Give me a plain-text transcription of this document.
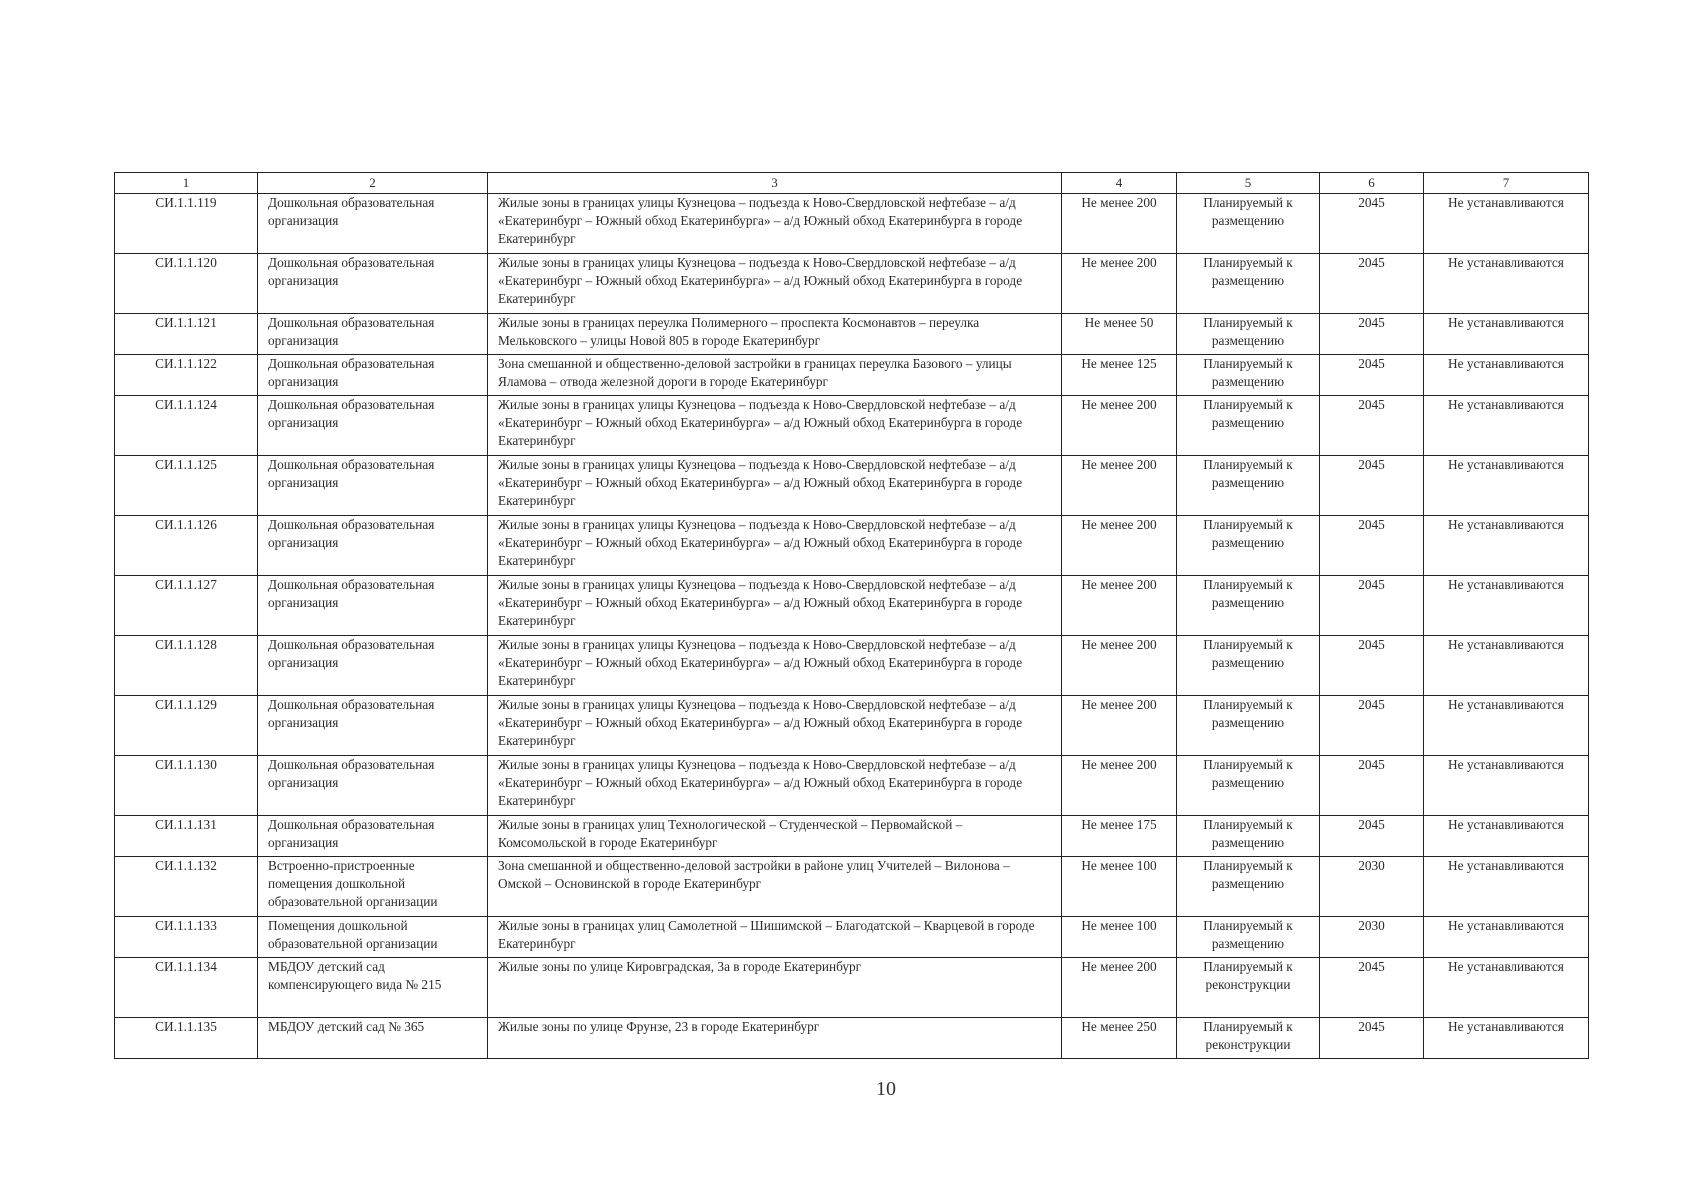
1	2	3	4	5	6	7
СИ.1.1.119	Дошкольная образовательная организация	Жилые зоны в границах улицы Кузнецова – подъезда к Ново-Свердловской нефтебазе – а/д «Екатеринбург – Южный обход Екатеринбурга» – а/д Южный обход Екатеринбурга в городе Екатеринбург	Не менее 200	Планируемый к размещению	2045	Не устанавливаются
СИ.1.1.120	Дошкольная образовательная организация	Жилые зоны в границах улицы Кузнецова – подъезда к Ново-Свердловской нефтебазе – а/д «Екатеринбург – Южный обход Екатеринбурга» – а/д Южный обход Екатеринбурга в городе Екатеринбург	Не менее 200	Планируемый к размещению	2045	Не устанавливаются
СИ.1.1.121	Дошкольная образовательная организация	Жилые зоны в границах переулка Полимерного – проспекта Космонавтов – переулка Мельковского – улицы Новой 805 в городе Екатеринбург	Не менее 50	Планируемый к размещению	2045	Не устанавливаются
СИ.1.1.122	Дошкольная образовательная организация	Зона смешанной и общественно-деловой застройки в границах переулка Базового – улицы Яламова – отвода железной дороги в городе Екатеринбург	Не менее 125	Планируемый к размещению	2045	Не устанавливаются
СИ.1.1.124	Дошкольная образовательная организация	Жилые зоны в границах улицы Кузнецова – подъезда к Ново-Свердловской нефтебазе – а/д «Екатеринбург – Южный обход Екатеринбурга» – а/д Южный обход Екатеринбурга в городе Екатеринбург	Не менее 200	Планируемый к размещению	2045	Не устанавливаются
СИ.1.1.125	Дошкольная образовательная организация	Жилые зоны в границах улицы Кузнецова – подъезда к Ново-Свердловской нефтебазе – а/д «Екатеринбург – Южный обход Екатеринбурга» – а/д Южный обход Екатеринбурга в городе Екатеринбург	Не менее 200	Планируемый к размещению	2045	Не устанавливаются
СИ.1.1.126	Дошкольная образовательная организация	Жилые зоны в границах улицы Кузнецова – подъезда к Ново-Свердловской нефтебазе – а/д «Екатеринбург – Южный обход Екатеринбурга» – а/д Южный обход Екатеринбурга в городе Екатеринбург	Не менее 200	Планируемый к размещению	2045	Не устанавливаются
СИ.1.1.127	Дошкольная образовательная организация	Жилые зоны в границах улицы Кузнецова – подъезда к Ново-Свердловской нефтебазе – а/д «Екатеринбург – Южный обход Екатеринбурга» – а/д Южный обход Екатеринбурга в городе Екатеринбург	Не менее 200	Планируемый к размещению	2045	Не устанавливаются
СИ.1.1.128	Дошкольная образовательная организация	Жилые зоны в границах улицы Кузнецова – подъезда к Ново-Свердловской нефтебазе – а/д «Екатеринбург – Южный обход Екатеринбурга» – а/д Южный обход Екатеринбурга в городе Екатеринбург	Не менее 200	Планируемый к размещению	2045	Не устанавливаются
СИ.1.1.129	Дошкольная образовательная организация	Жилые зоны в границах улицы Кузнецова – подъезда к Ново-Свердловской нефтебазе – а/д «Екатеринбург – Южный обход Екатеринбурга» – а/д Южный обход Екатеринбурга в городе Екатеринбург	Не менее 200	Планируемый к размещению	2045	Не устанавливаются
СИ.1.1.130	Дошкольная образовательная организация	Жилые зоны в границах улицы Кузнецова – подъезда к Ново-Свердловской нефтебазе – а/д «Екатеринбург – Южный обход Екатеринбурга» – а/д Южный обход Екатеринбурга в городе Екатеринбург	Не менее 200	Планируемый к размещению	2045	Не устанавливаются
СИ.1.1.131	Дошкольная образовательная организация	Жилые зоны в границах улиц Технологической – Студенческой – Первомайской – Комсомольской в городе Екатеринбург	Не менее 175	Планируемый к размещению	2045	Не устанавливаются
СИ.1.1.132	Встроенно-пристроенные помещения дошкольной образовательной организации	Зона смешанной и общественно-деловой застройки в районе улиц Учителей – Вилонова – Омской – Основинской в городе Екатеринбург	Не менее 100	Планируемый к размещению	2030	Не устанавливаются
СИ.1.1.133	Помещения дошкольной образовательной организации	Жилые зоны в границах улиц Самолетной – Шишимской – Благодатской – Кварцевой в городе Екатеринбург	Не менее 100	Планируемый к размещению	2030	Не устанавливаются
СИ.1.1.134	МБДОУ детский сад компенсирующего вида № 215	Жилые зоны по улице Кировградская, 3а в городе Екатеринбург	Не менее 200	Планируемый к реконструкции	2045	Не устанавливаются
СИ.1.1.135	МБДОУ детский сад № 365	Жилые зоны по улице Фрунзе, 23 в городе Екатеринбург	Не менее 250	Планируемый к реконструкции	2045	Не устанавливаются
10
